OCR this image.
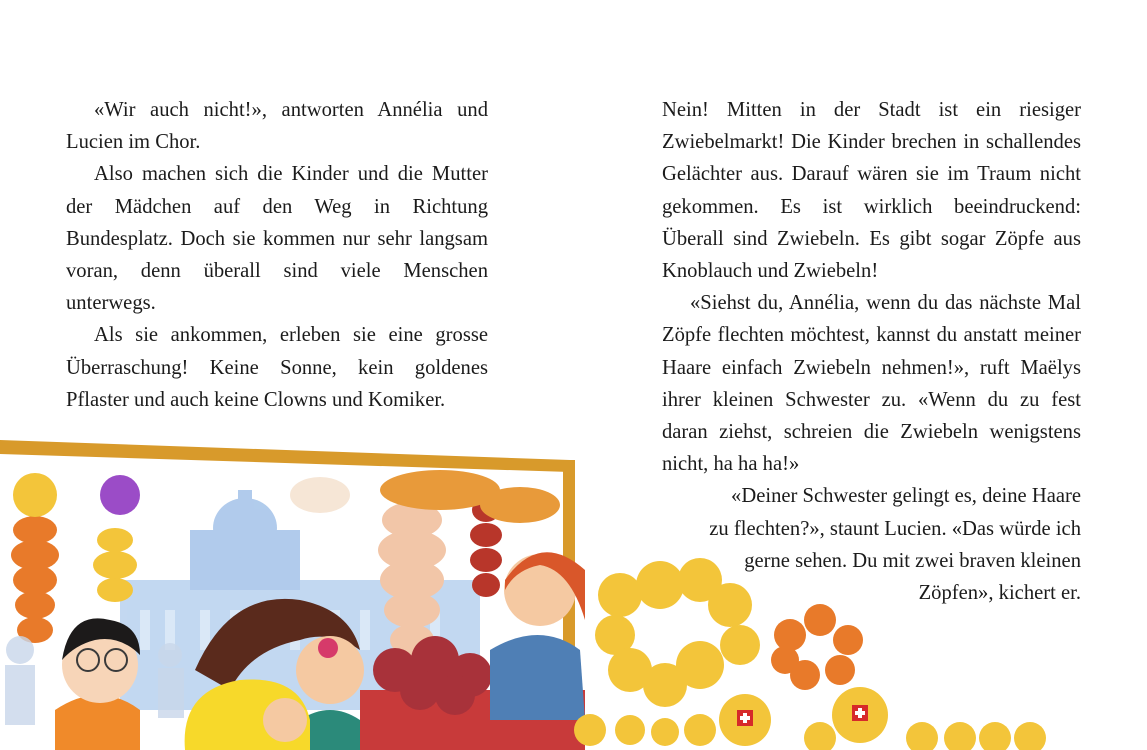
«Wir auch nicht!», antworten Annélia und Lucien im Chor.

Also machen sich die Kinder und die Mutter der Mädchen auf den Weg in Richtung Bundesplatz. Doch sie kommen nur sehr langsam voran, denn überall sind viele Menschen unterwegs.

Als sie ankommen, erleben sie eine grosse Überraschung! Keine Sonne, kein goldenes Pflaster und auch keine Clowns und Komiker.

Nein! Mitten in der Stadt ist ein riesiger Zwiebelmarkt! Die Kinder brechen in schallendes Gelächter aus. Darauf wären sie im Traum nicht gekommen. Es ist wirklich beeindruckend: Überall sind Zwiebeln. Es gibt sogar Zöpfe aus Knoblauch und Zwiebeln!

«Siehst du, Annélia, wenn du das nächste Mal Zöpfe flechten möchtest, kannst du anstatt meiner Haare einfach Zwiebeln nehmen!», ruft Maëlys ihrer kleinen Schwester zu. «Wenn du zu fest daran ziehst, schreien die Zwiebeln wenigstens nicht, ha ha ha!»

«Deiner Schwester gelingt es, deine Haare zu flechten?», staunt Lucien. «Das würde ich gerne sehen. Du mit zwei braven kleinen Zöpfen», kichert er.
